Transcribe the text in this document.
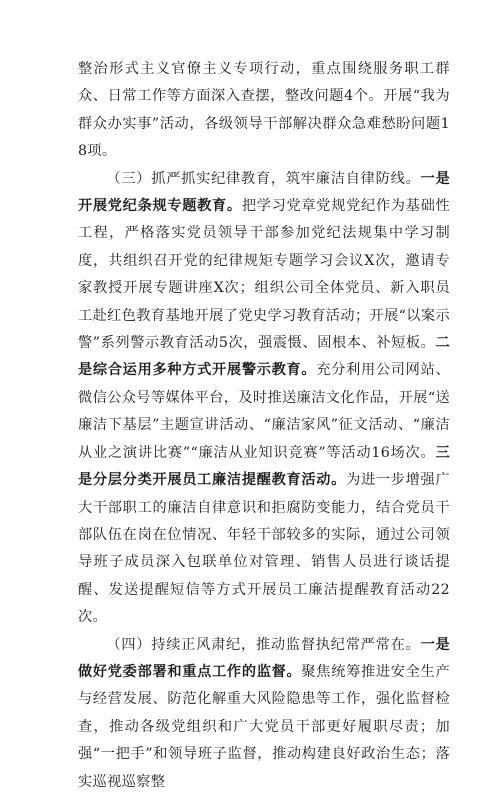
整治形式主义官僚主义专项行动，重点围绕服务职工群众、日常工作等方面深入查摆，整改问题4个。开展“我为群众办实事”活动，各级领导干部解决群众急难愁盼问题18项。

（三）抓严抓实纪律教育，筑牢廉洁自律防线。一是开展党纪条规专题教育。把学习党章党规党纪作为基础性工程，严格落实党员领导干部参加党纪法规集中学习制度，共组织召开党的纪律规矩专题学习会议X次，邀请专家教授开展专题讲座X次；组织公司全体党员、新入职员工赴红色教育基地开展了党史学习教育活动；开展“以案示警”系列警示教育活动5次，强震慑、固根本、补短板。二是综合运用多种方式开展警示教育。充分利用公司网站、微信公众号等媒体平台，及时推送廉洁文化作品，开展“送廉洁下基层”主题宣讲活动、“廉洁家风”征文活动、“廉洁从业之演讲比赛”“廉洁从业知识竞赛”等活动16场次。三是分层分类开展员工廉洁提醒教育活动。为进一步增强广大干部职工的廉洁自律意识和拒腐防变能力，结合党员干部队伍在岗在位情况、年轻干部较多的实际，通过公司领导班子成员深入包联单位对管理、销售人员进行谈话提醒、发送提醒短信等方式开展员工廉洁提醒教育活动22次。

（四）持续正风肃纪，推动监督执纪常严常在。一是做好党委部署和重点工作的监督。聚焦统筹推进安全生产与经营发展、防范化解重大风险隐患等工作，强化监督检查，推动各级党组织和广大党员干部更好履职尽责；加强“一把手”和领导班子监督，推动构建良好政治生态；落实巡视巡察整
